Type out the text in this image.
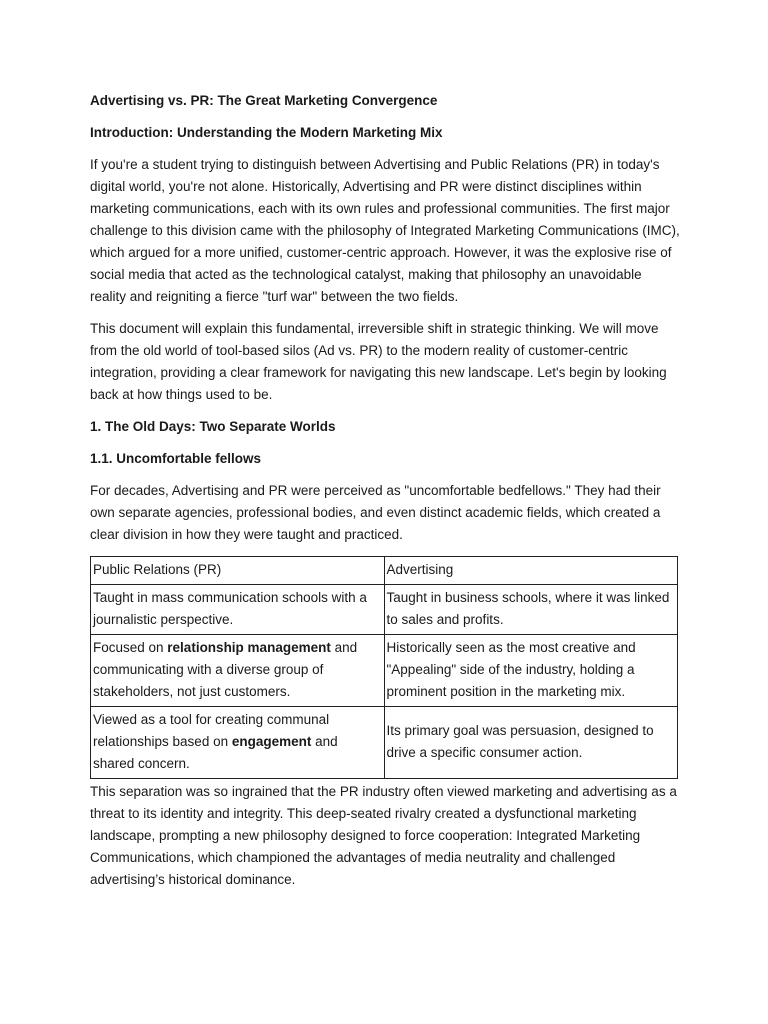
Advertising vs. PR: The Great Marketing Convergence

Introduction: Understanding the Modern Marketing Mix

If you're a student trying to distinguish between Advertising and Public Relations (PR) in today's digital world, you're not alone. Historically, Advertising and PR were distinct disciplines within marketing communications, each with its own rules and professional communities. The first major challenge to this division came with the philosophy of Integrated Marketing Communications (IMC), which argued for a more unified, customer-centric approach. However, it was the explosive rise of social media that acted as the technological catalyst, making that philosophy an unavoidable reality and reigniting a fierce "turf war" between the two fields.

This document will explain this fundamental, irreversible shift in strategic thinking. We will move from the old world of tool-based silos (Ad vs. PR) to the modern reality of customer-centric integration, providing a clear framework for navigating this new landscape. Let's begin by looking back at how things used to be.

1. The Old Days: Two Separate Worlds

1.1. Uncomfortable fellows

For decades, Advertising and PR were perceived as "uncomfortable bedfellows." They had their own separate agencies, professional bodies, and even distinct academic fields, which created a clear division in how they were taught and practiced.

Public Relations (PR)	Advertising
Taught in mass communication schools with a journalistic perspective.	Taught in business schools, where it was linked to sales and profits.
Focused on relationship management and communicating with a diverse group of stakeholders, not just customers.	Historically seen as the most creative and "Appealing" side of the industry, holding a prominent position in the marketing mix.
Viewed as a tool for creating communal relationships based on engagement and shared concern.	Its primary goal was persuasion, designed to drive a specific consumer action.

This separation was so ingrained that the PR industry often viewed marketing and advertising as a threat to its identity and integrity. This deep-seated rivalry created a dysfunctional marketing landscape, prompting a new philosophy designed to force cooperation: Integrated Marketing Communications, which championed the advantages of media neutrality and challenged advertising’s historical dominance.
